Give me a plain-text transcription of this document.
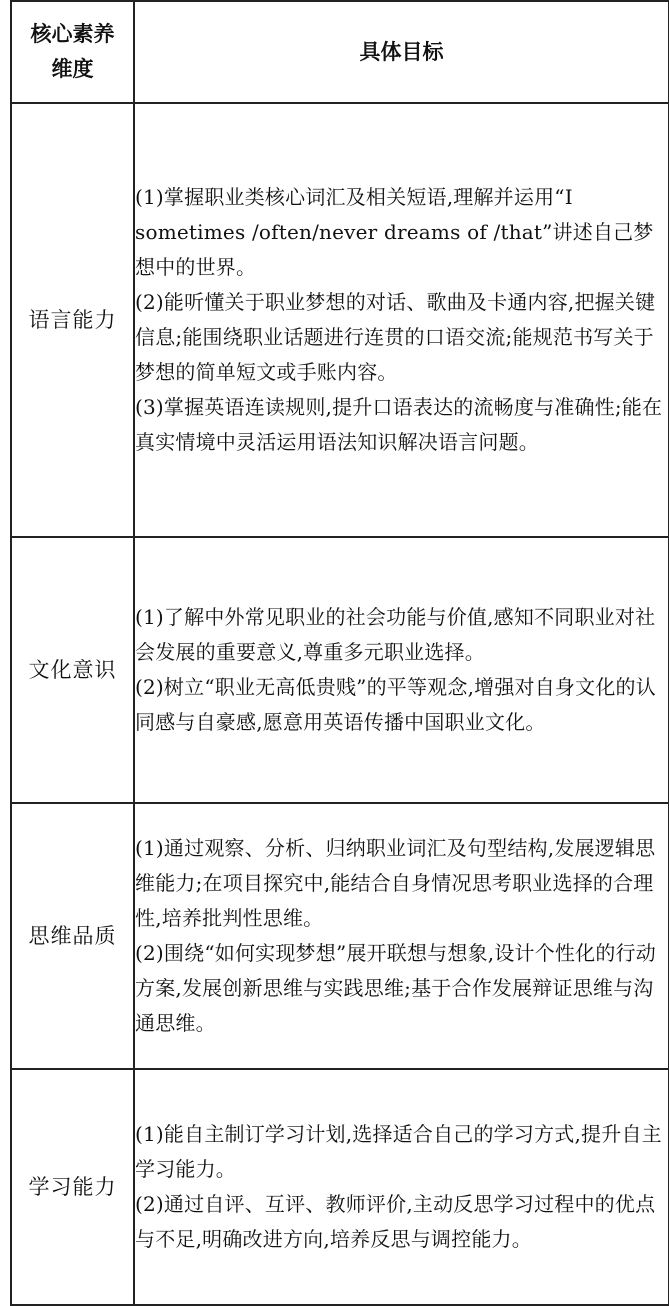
核心素养维度	具体目标
语言能力	(1)掌握职业类核心词汇及相关短语,理解并运用“I sometimes /often/never dreams of /that”讲述自己梦想中的世界。

(2)能听懂关于职业梦想的对话、歌曲及卡通内容,把握关键信息;能围绕职业话题进行连贯的口语交流;能规范书写关于梦想的简单短文或手账内容。

(3)掌握英语连读规则,提升口语表达的流畅度与准确性;能在真实情境中灵活运用语法知识解决语言问题。

文化意识	(1)了解中外常见职业的社会功能与价值,感知不同职业对社会发展的重要意义,尊重多元职业选择。

(2)树立“职业无高低贵贱”的平等观念,增强对自身文化的认同感与自豪感,愿意用英语传播中国职业文化。

思维品质	(1)通过观察、分析、归纳职业词汇及句型结构,发展逻辑思维能力;在项目探究中,能结合自身情况思考职业选择的合理性,培养批判性思维。

(2)围绕“如何实现梦想”展开联想与想象,设计个性化的行动方案,发展创新思维与实践思维;基于合作发展辩证思维与沟通思维。

学习能力	(1)能自主制订学习计划,选择适合自己的学习方式,提升自主学习能力。

(2)通过自评、互评、教师评价,主动反思学习过程中的优点与不足,明确改进方向,培养反思与调控能力。
